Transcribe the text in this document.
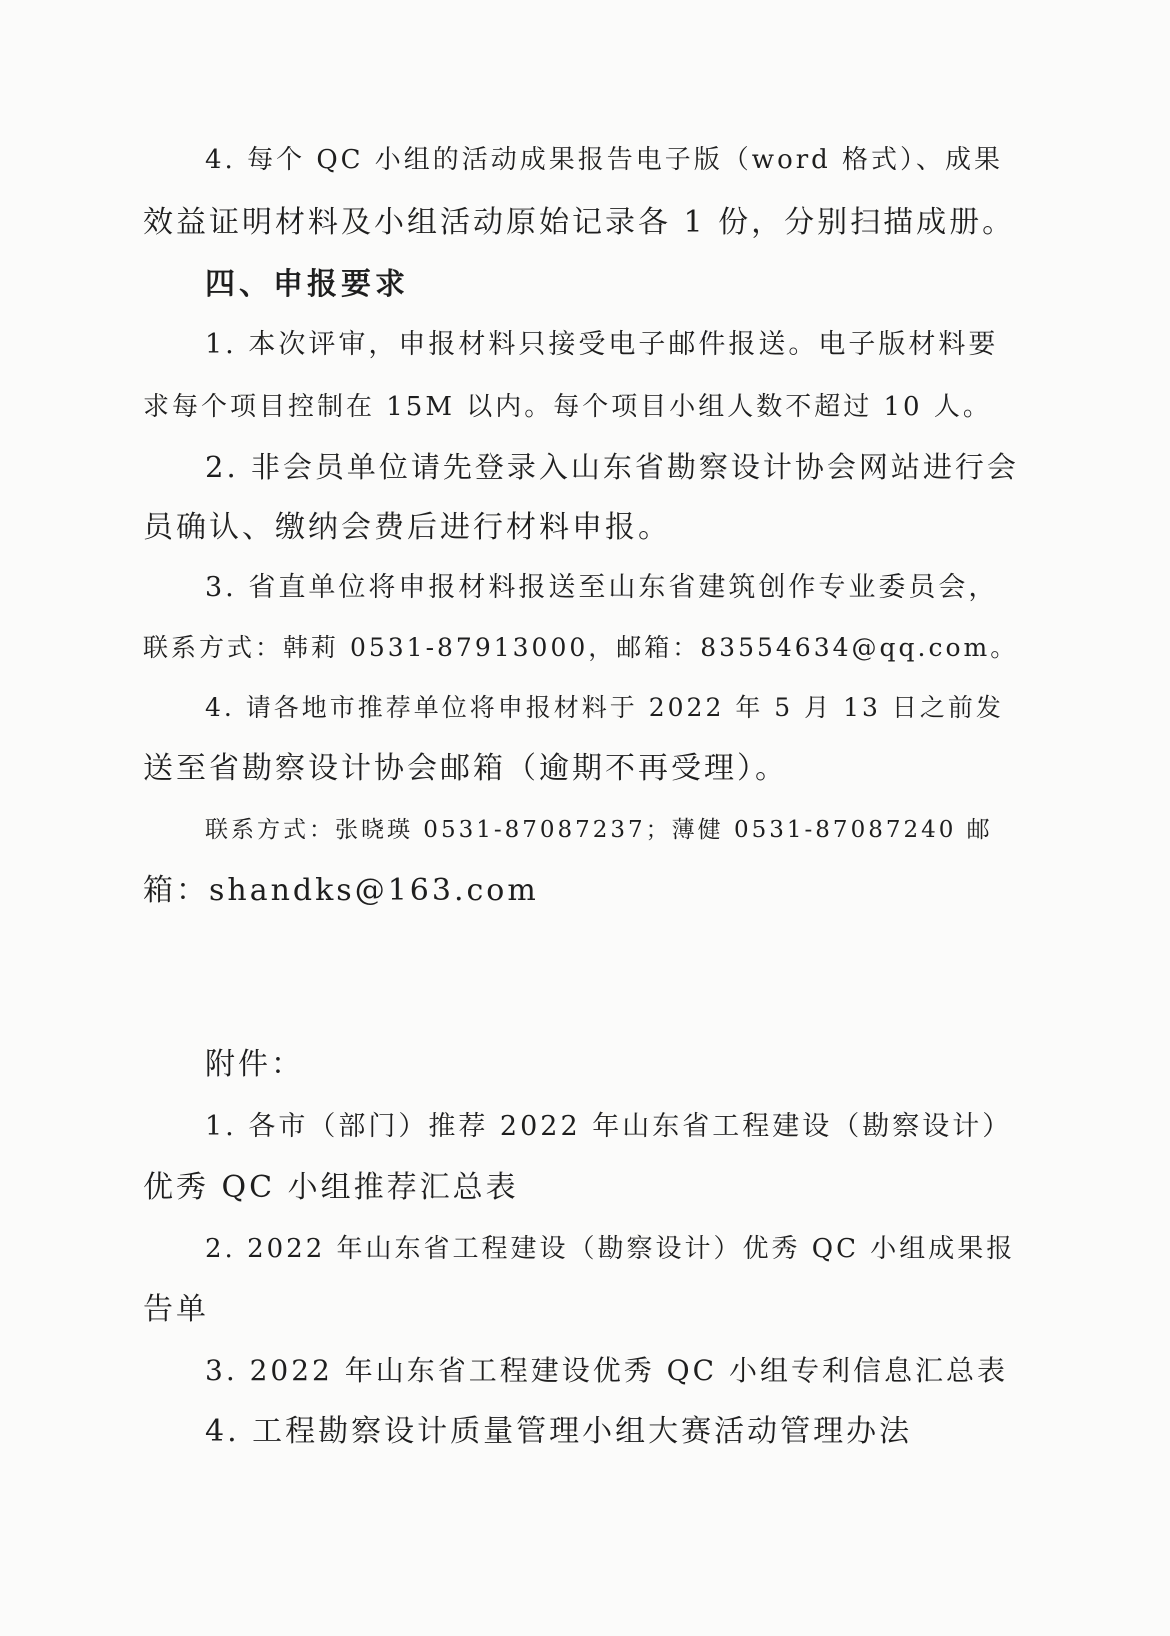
4. 每个 QC 小组的活动成果报告电子版（word 格式）、成果
效益证明材料及小组活动原始记录各 1 份，分别扫描成册。
四、申报要求
1. 本次评审，申报材料只接受电子邮件报送。电子版材料要
求每个项目控制在 15M 以内。每个项目小组人数不超过 10 人。
2. 非会员单位请先登录入山东省勘察设计协会网站进行会
员确认、缴纳会费后进行材料申报。
3. 省直单位将申报材料报送至山东省建筑创作专业委员会，
联系方式：韩莉 0531-87913000，邮箱：83554634@qq.com。
4. 请各地市推荐单位将申报材料于 2022 年 5 月 13 日之前发
送至省勘察设计协会邮箱（逾期不再受理）。
联系方式：张晓瑛 0531-87087237；薄健 0531-87087240 邮
箱：shandks@163.com
附件：
1. 各市（部门）推荐 2022 年山东省工程建设（勘察设计）
优秀 QC 小组推荐汇总表
2. 2022 年山东省工程建设（勘察设计）优秀 QC 小组成果报
告单
3. 2022 年山东省工程建设优秀 QC 小组专利信息汇总表
4. 工程勘察设计质量管理小组大赛活动管理办法
